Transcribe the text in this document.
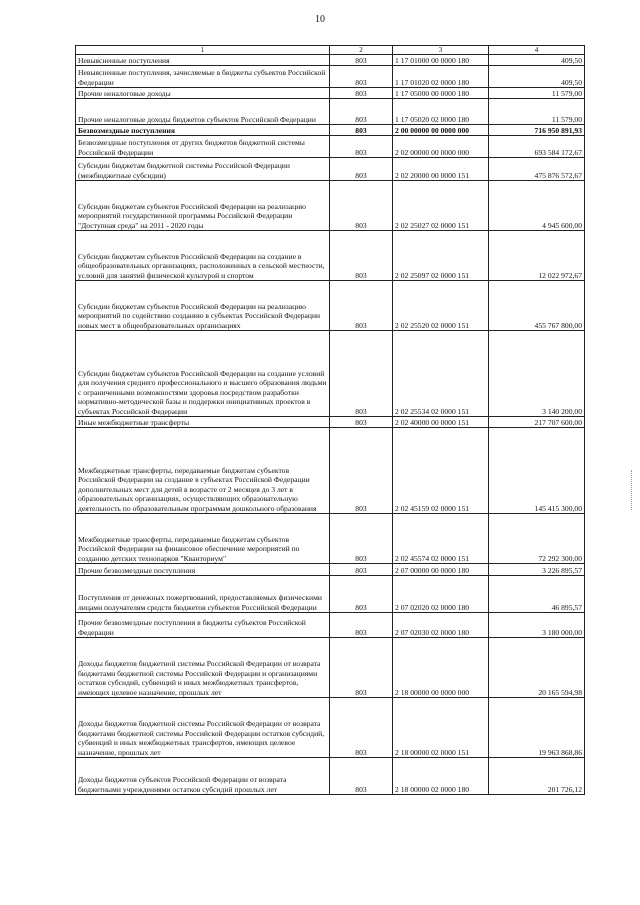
10
1	2	3	4
Невыясненные поступления	803	1 17 01000 00 0000 180	409,50
Невыясненные поступления, зачисляемые в бюджеты субъектов Российской Федерации	803	1 17 01020 02 0000 180	409,50
Прочие неналоговые доходы	803	1 17 05000 00 0000 180	11 579,00
Прочие неналоговые доходы бюджетов субъектов Российской Федерации	803	1 17 05020 02 0000 180	11 579,00
Безвозмездные поступления	803	2 00 00000 00 0000 000	716 950 891,93
Безвозмездные поступления от других бюджетов бюджетной системы Российской Федерации	803	2 02 00000 00 0000 000	693 584 172,67
Субсидии бюджетам бюджетной системы Российской Федерации (межбюджетные субсидии)	803	2 02 20000 00 0000 151	475 876 572,67
Субсидии бюджетам субъектов Российской Федерации на реализацию мероприятий государственной программы Российской Федерации "Доступная среда" на 2011 - 2020 годы	803	2 02 25027 02 0000 151	4 945 600,00
Субсидии бюджетам субъектов Российской Федерации на создание в общеобразовательных организациях, расположенных в сельской местности, условий для занятий физической культурой и спортом	803	2 02 25097 02 0000 151	12 022 972,67
Субсидии бюджетам субъектов Российской Федерации на реализацию мероприятий по содействию созданию в субъектах Российской Федерации новых мест в общеобразовательных организациях	803	2 02 25520 02 0000 151	455 767 800,00
Субсидии бюджетам субъектов Российской Федерации на создание условий для получения среднего профессионального и высшего образования людьми с ограниченными возможностями здоровья посредством разработки нормативно-методической базы и поддержки инициативных проектов в субъектах Российской Федерации	803	2 02 25534 02 0000 151	3 140 200,00
Иные межбюджетные трансферты	803	2 02 40000 00 0000 151	217 707 600,00
Межбюджетные трансферты, передаваемые бюджетам субъектов Российской Федерации на создание в субъектах Российской Федерации дополнительных мест для детей в возрасте от 2 месяцев до 3 лет в образовательных организациях, осуществляющих образовательную деятельность по образовательным программам дошкольного образования	803	2 02 45159 02 0000 151	145 415 300,00
Межбюджетные трансферты, передаваемые бюджетам субъектов Российской Федерации на финансовое обеспечение мероприятий по созданию детских технопарков "Кванториум"	803	2 02 45574 02 0000 151	72 292 300,00
Прочие безвозмездные поступления	803	2 07 00000 00 0000 180	3 226 895,57
Поступления от денежных пожертвований, предоставляемых физическими лицами получателям средств бюджетов субъектов Российской Федерации	803	2 07 02020 02 0000 180	46 895,57
Прочие безвозмездные поступления в бюджеты субъектов Российской Федерации	803	2 07 02030 02 0000 180	3 180 000,00
Доходы бюджетов бюджетной системы Российской Федерации от возврата бюджетами бюджетной системы Российской Федерации и организациями остатков субсидий, субвенций и иных межбюджетных трансфертов, имеющих целевое назначение, прошлых лет	803	2 18 00000 00 0000 000	20 165 594,98
Доходы бюджетов бюджетной системы Российской Федерации от возврата бюджетами бюджетной системы Российской Федерации остатков субсидий, субвенций и иных межбюджетных трансфертов, имеющих целевое назначение, прошлых лет	803	2 18 00000 02 0000 151	19 963 868,86
Доходы бюджетов субъектов Российской Федерации от возврата бюджетными учреждениями остатков субсидий прошлых лет	803	2 18 00000 02 0000 180	201 726,12
